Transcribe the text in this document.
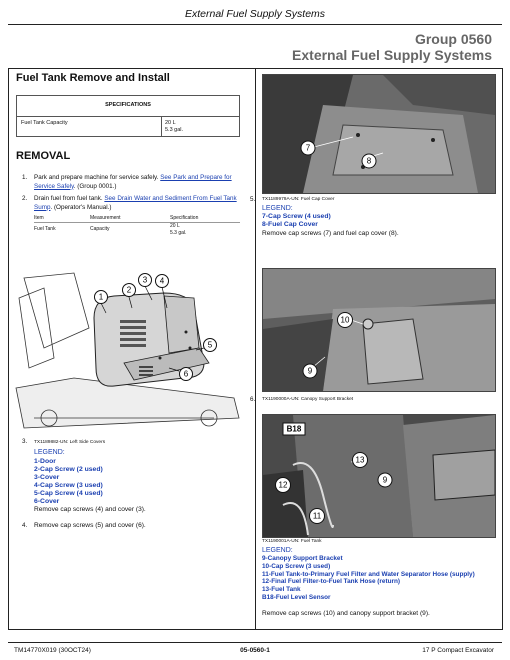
External Fuel Supply Systems
Group 0560
External Fuel Supply Systems
Fuel Tank Remove and Install
SPECIFICATIONS
Fuel Tank Capacity	20 L
5.3 gal.
REMOVAL
1. Park and prepare machine for service safely. See Park and Prepare for Service Safely. (Group 0001.)
2. Drain fuel from fuel tank. See Drain Water and Sediment From Fuel Tank Sump. (Operator's Manual.)
Item	Measurement	Specification
Fuel Tank	Capacity	20 L
5.3 gal.
1
2
3 4
5
6
3. TX1189882-UN: Left Side Covers
LEGEND:
1-Door
2-Cap Screw (2 used)
3-Cover
4-Cap Screw (3 used)
5-Cap Screw (4 used)
6-Cover
Remove cap screws (4) and cover (3).
4. Remove cap screws (5) and cover (6).
7
8
5. TX1189979A-UN: Fuel Cap Cover
LEGEND:
7-Cap Screw (4 used)
8-Fuel Cap Cover
Remove cap screws (7) and fuel cap cover (8).
10
9
6. TX1190000A-UN: Canopy Support Bracket
B18
13
9
12
11
TX1190001A-UN: Fuel Tank
LEGEND:
9-Canopy Support Bracket
10-Cap Screw (3 used)
11-Fuel Tank-to-Primary Fuel Filter and Water Separator Hose (supply)
12-Final Fuel Filter-to-Fuel Tank Hose (return)
13-Fuel Tank
B18-Fuel Level Sensor
Remove cap screws (10) and canopy support bracket (9).
TM14770X019 (30OCT24)	05-0560-1	17 P Compact Excavator
